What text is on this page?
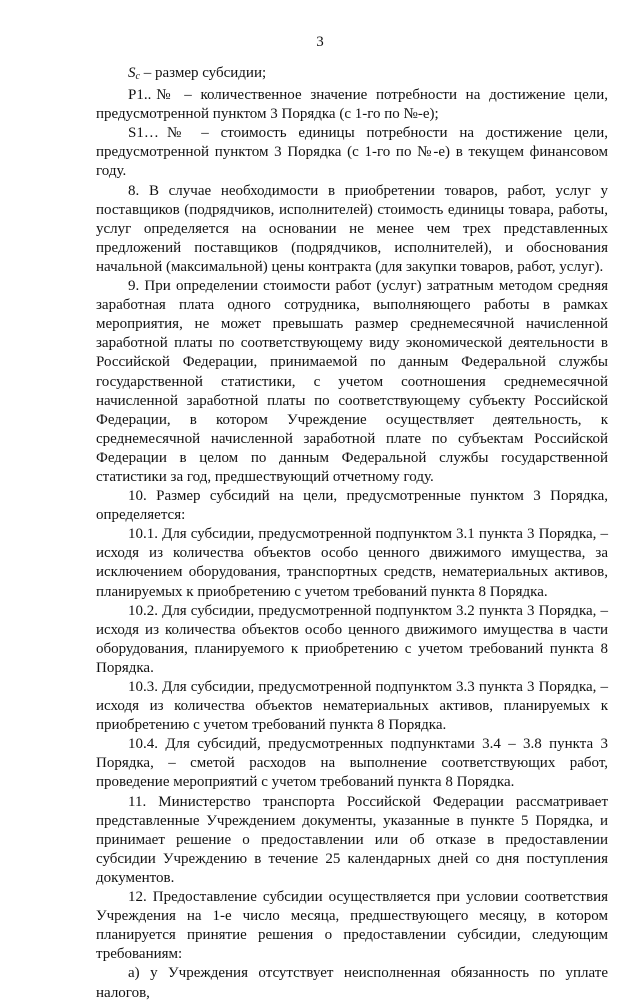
3

$S_c$ – размер субсидии;

P1..№ – количественное значение потребности на достижение цели, предусмотренной пунктом 3 Порядка (с 1-го по №-е);

S1…№ – стоимость единицы потребности на достижение цели, предусмотренной пунктом 3 Порядка (с 1-го по №-е) в текущем финансовом году.

8. В случае необходимости в приобретении товаров, работ, услуг у поставщиков (подрядчиков, исполнителей) стоимость единицы товара, работы, услуг определяется на основании не менее чем трех представленных предложений поставщиков (подрядчиков, исполнителей), и обоснования начальной (максимальной) цены контракта (для закупки товаров, работ, услуг).

9. При определении стоимости работ (услуг) затратным методом средняя заработная плата одного сотрудника, выполняющего работы в рамках мероприятия, не может превышать размер среднемесячной начисленной заработной платы по соответствующему виду экономической деятельности в Российской Федерации, принимаемой по данным Федеральной службы государственной статистики, с учетом соотношения среднемесячной начисленной заработной платы по соответствующему субъекту Российской Федерации, в котором Учреждение осуществляет деятельность, к среднемесячной начисленной заработной плате по субъектам Российской Федерации в целом по данным Федеральной службы государственной статистики за год, предшествующий отчетному году.

10. Размер субсидий на цели, предусмотренные пунктом 3 Порядка, определяется:

10.1. Для субсидии, предусмотренной подпунктом 3.1 пункта 3 Порядка, – исходя из количества объектов особо ценного движимого имущества, за исключением оборудования, транспортных средств, нематериальных активов, планируемых к приобретению с учетом требований пункта 8 Порядка.

10.2. Для субсидии, предусмотренной подпунктом 3.2 пункта 3 Порядка, – исходя из количества объектов особо ценного движимого имущества в части оборудования, планируемого к приобретению с учетом требований пункта 8 Порядка.

10.3. Для субсидии, предусмотренной подпунктом 3.3 пункта 3 Порядка, – исходя из количества объектов нематериальных активов, планируемых к приобретению с учетом требований пункта 8 Порядка.

10.4. Для субсидий, предусмотренных подпунктами 3.4 – 3.8 пункта 3 Порядка, – сметой расходов на выполнение соответствующих работ, проведение мероприятий с учетом требований пункта 8 Порядка.

11. Министерство транспорта Российской Федерации рассматривает представленные Учреждением документы, указанные в пункте 5 Порядка, и принимает решение о предоставлении или об отказе в предоставлении субсидии Учреждению в течение 25 календарных дней со дня поступления документов.

12. Предоставление субсидии осуществляется при условии соответствия Учреждения на 1-е число месяца, предшествующего месяцу, в котором планируется принятие решения о предоставлении субсидии, следующим требованиям:

а) у Учреждения отсутствует неисполненная обязанность по уплате налогов,
